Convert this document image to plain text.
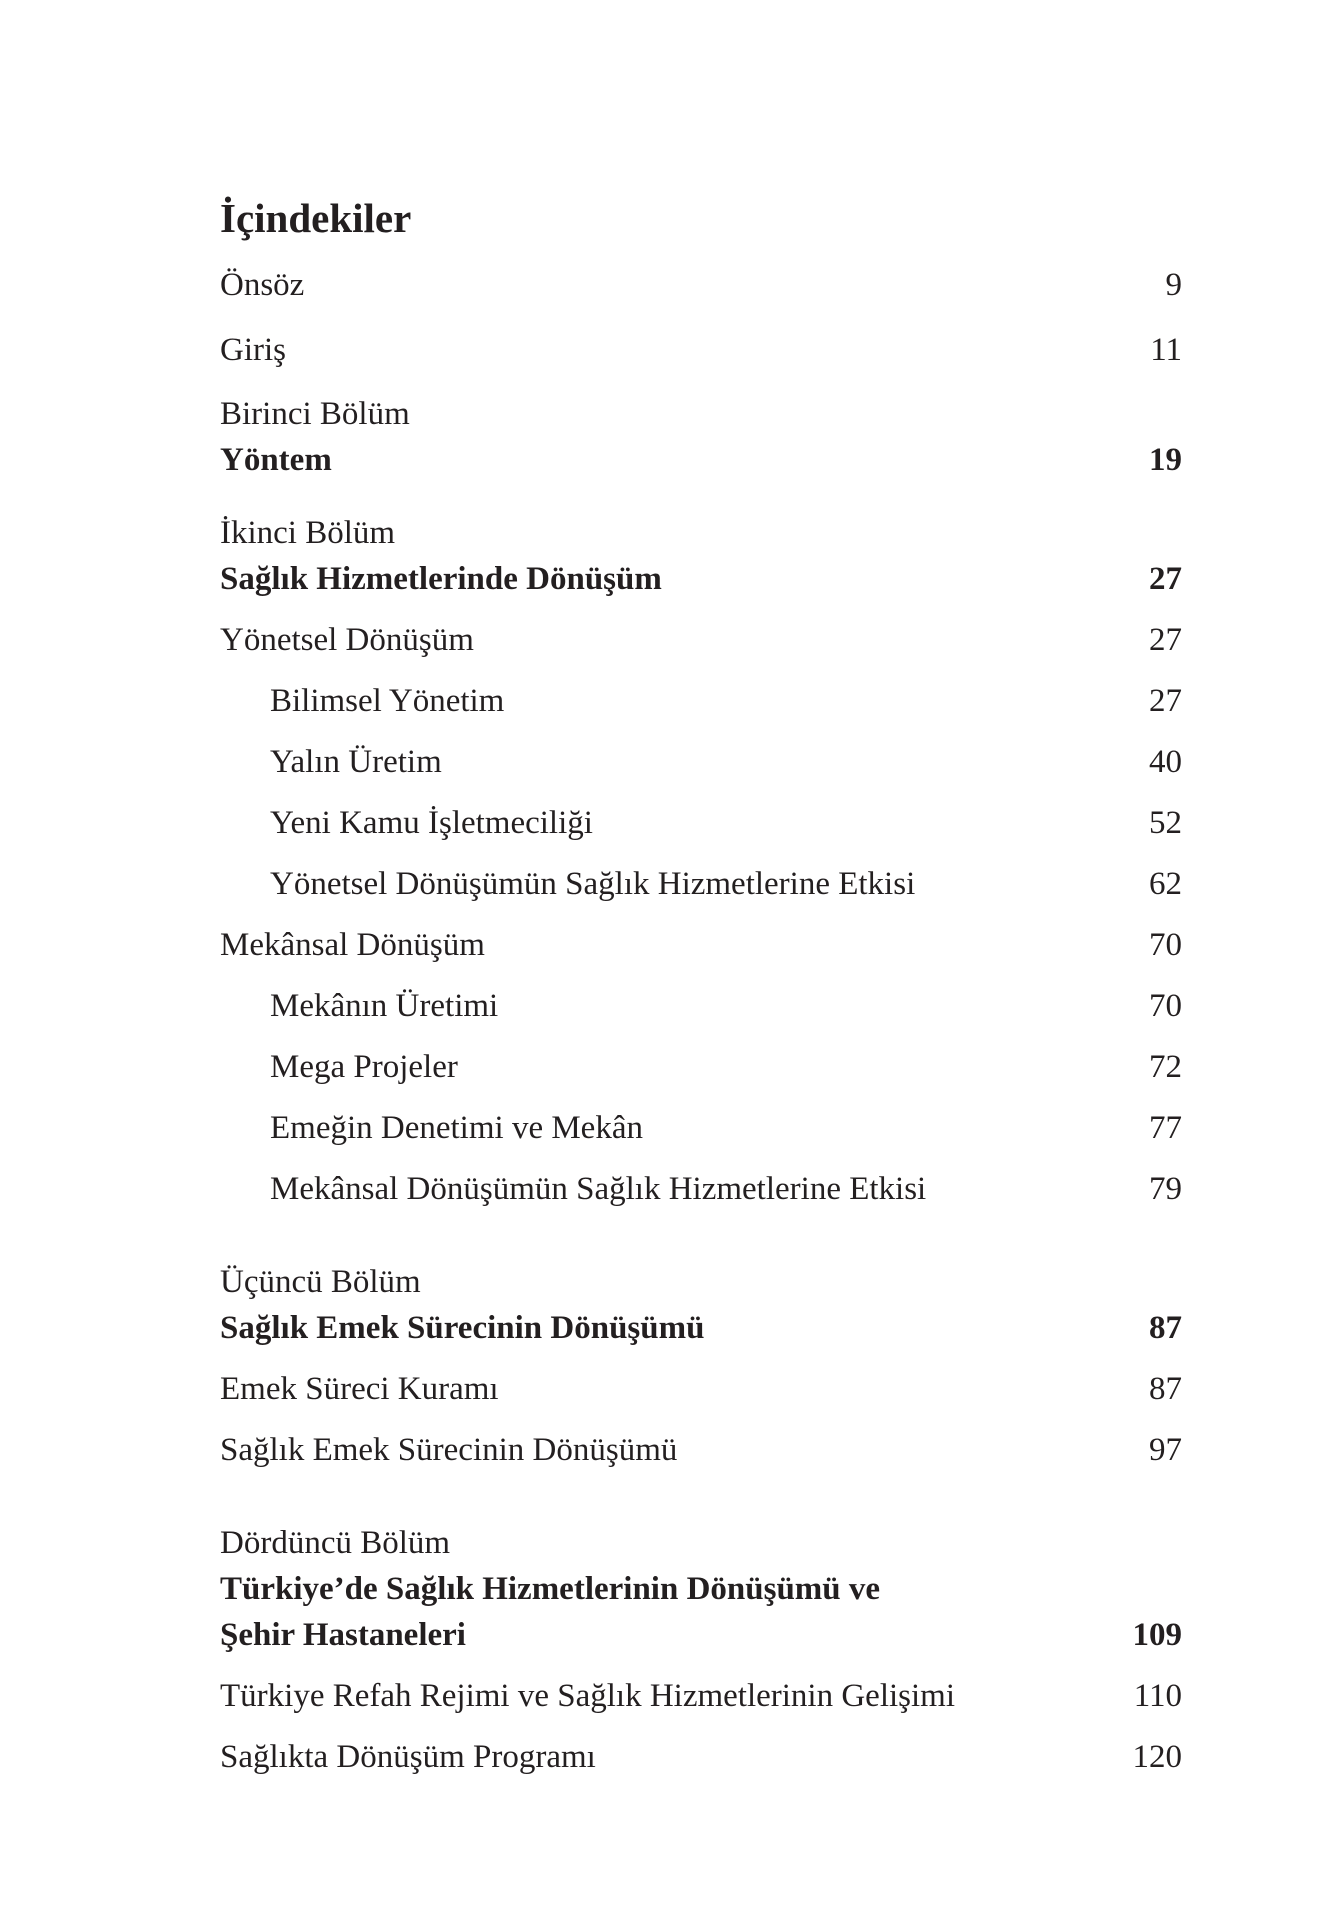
İçindekiler
Önsöz	9
Giriş	11
Birinci Bölüm
Yöntem	19
İkinci Bölüm
Sağlık Hizmetlerinde Dönüşüm	27
Yönetsel Dönüşüm	27
Bilimsel Yönetim	27
Yalın Üretim	40
Yeni Kamu İşletmeciliği	52
Yönetsel Dönüşümün Sağlık Hizmetlerine Etkisi	62
Mekânsal Dönüşüm	70
Mekânın Üretimi	70
Mega Projeler	72
Emeğin Denetimi ve Mekân	77
Mekânsal Dönüşümün Sağlık Hizmetlerine Etkisi	79
Üçüncü Bölüm
Sağlık Emek Sürecinin Dönüşümü	87
Emek Süreci Kuramı	87
Sağlık Emek Sürecinin Dönüşümü	97
Dördüncü Bölüm
Türkiye’de Sağlık Hizmetlerinin Dönüşümü ve
Şehir Hastaneleri	109
Türkiye Refah Rejimi ve Sağlık Hizmetlerinin Gelişimi	110
Sağlıkta Dönüşüm Programı	120
